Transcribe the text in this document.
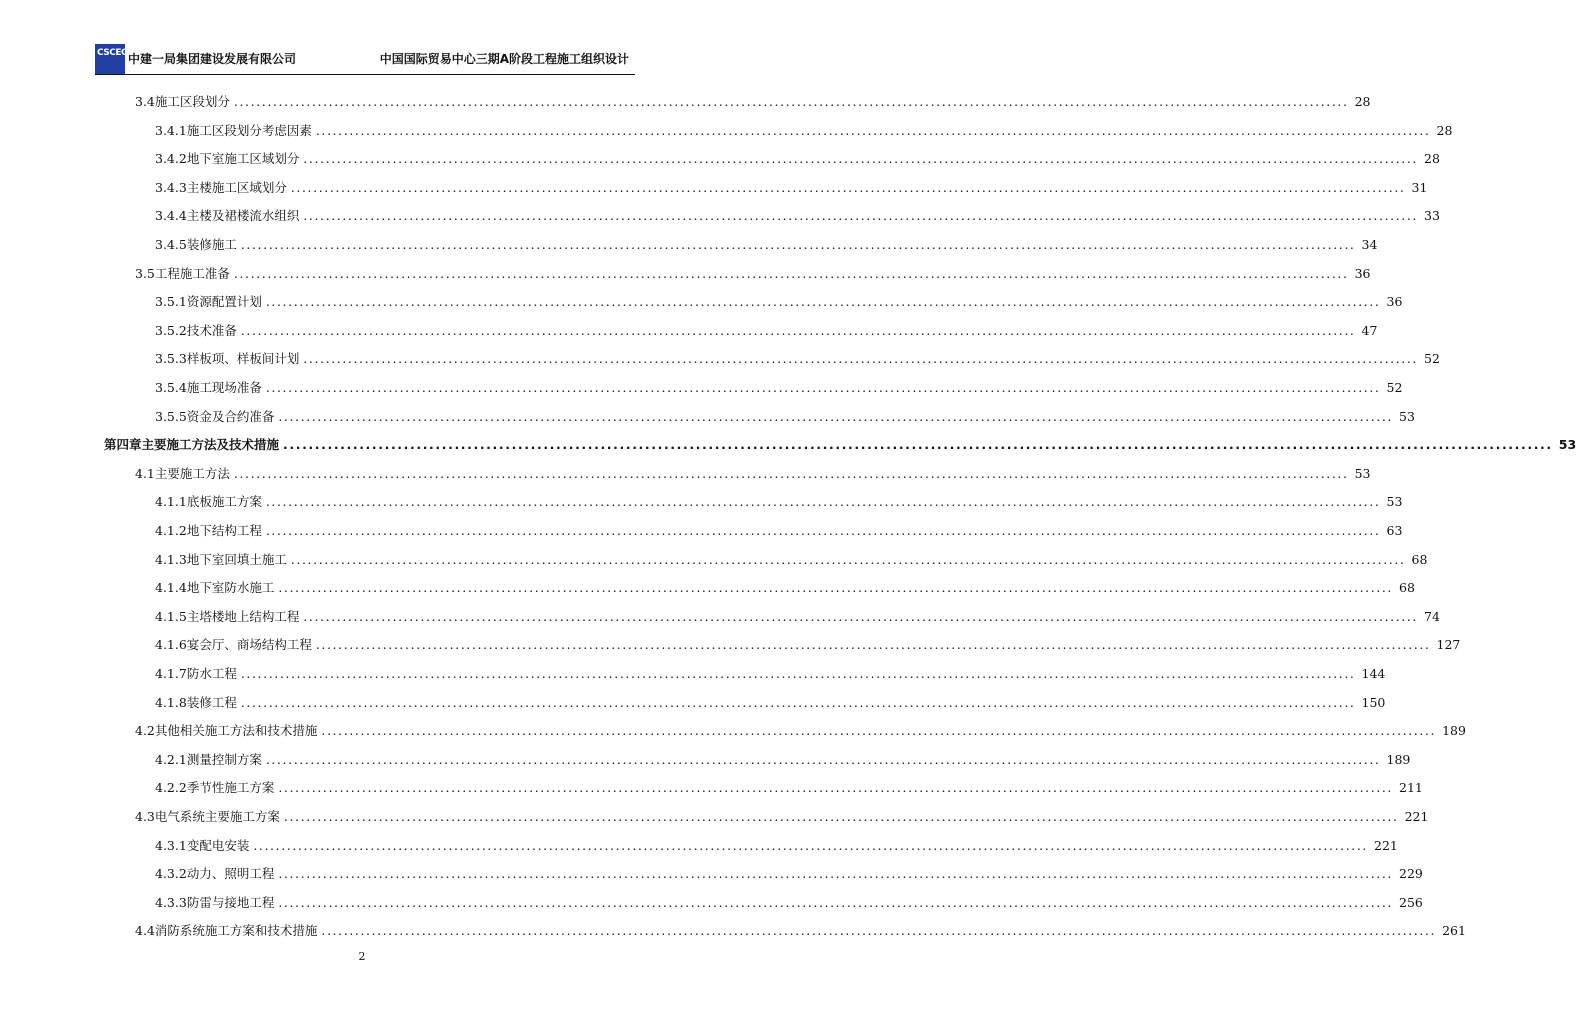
CSCEC 中建一局集团建设发展有限公司	中国国际贸易中心三期A阶段工程施工组织设计
3.4 施工区段划分 ........................................................................................................................................................................................................ 28
3.4.1 施工区段划分考虑因素 ........................................................................................................................................................................................................ 28
3.4.2 地下室施工区域划分 ........................................................................................................................................................................................................ 28
3.4.3 主楼施工区域划分 ........................................................................................................................................................................................................ 31
3.4.4 主楼及裙楼流水组织 ........................................................................................................................................................................................................ 33
3.4.5 装修施工 ........................................................................................................................................................................................................ 34
3.5 工程施工准备 ........................................................................................................................................................................................................ 36
3.5.1 资源配置计划 ........................................................................................................................................................................................................ 36
3.5.2 技术准备 ........................................................................................................................................................................................................ 47
3.5.3 样板项、样板间计划 ........................................................................................................................................................................................................ 52
3.5.4 施工现场准备 ........................................................................................................................................................................................................ 52
3.5.5 资金及合约准备 ........................................................................................................................................................................................................ 53
第四章 主要施工方法及技术措施 ........................................................................................................................................................................................................ 53
4.1 主要施工方法 ........................................................................................................................................................................................................ 53
4.1.1 底板施工方案 ........................................................................................................................................................................................................ 53
4.1.2 地下结构工程 ........................................................................................................................................................................................................ 63
4.1.3 地下室回填土施工 ........................................................................................................................................................................................................ 68
4.1.4 地下室防水施工 ........................................................................................................................................................................................................ 68
4.1.5 主塔楼地上结构工程 ........................................................................................................................................................................................................ 74
4.1.6 宴会厅、商场结构工程 ........................................................................................................................................................................................................ 127
4.1.7 防水工程 ........................................................................................................................................................................................................ 144
4.1.8 装修工程 ........................................................................................................................................................................................................ 150
4.2 其他相关施工方法和技术措施 ........................................................................................................................................................................................................ 189
4.2.1 测量控制方案 ........................................................................................................................................................................................................ 189
4.2.2 季节性施工方案 ........................................................................................................................................................................................................ 211
4.3 电气系统主要施工方案 ........................................................................................................................................................................................................ 221
4.3.1 变配电安装 ........................................................................................................................................................................................................ 221
4.3.2 动力、照明工程 ........................................................................................................................................................................................................ 229
4.3.3 防雷与接地工程 ........................................................................................................................................................................................................ 256
4.4 消防系统施工方案和技术措施 ........................................................................................................................................................................................................ 261
2
